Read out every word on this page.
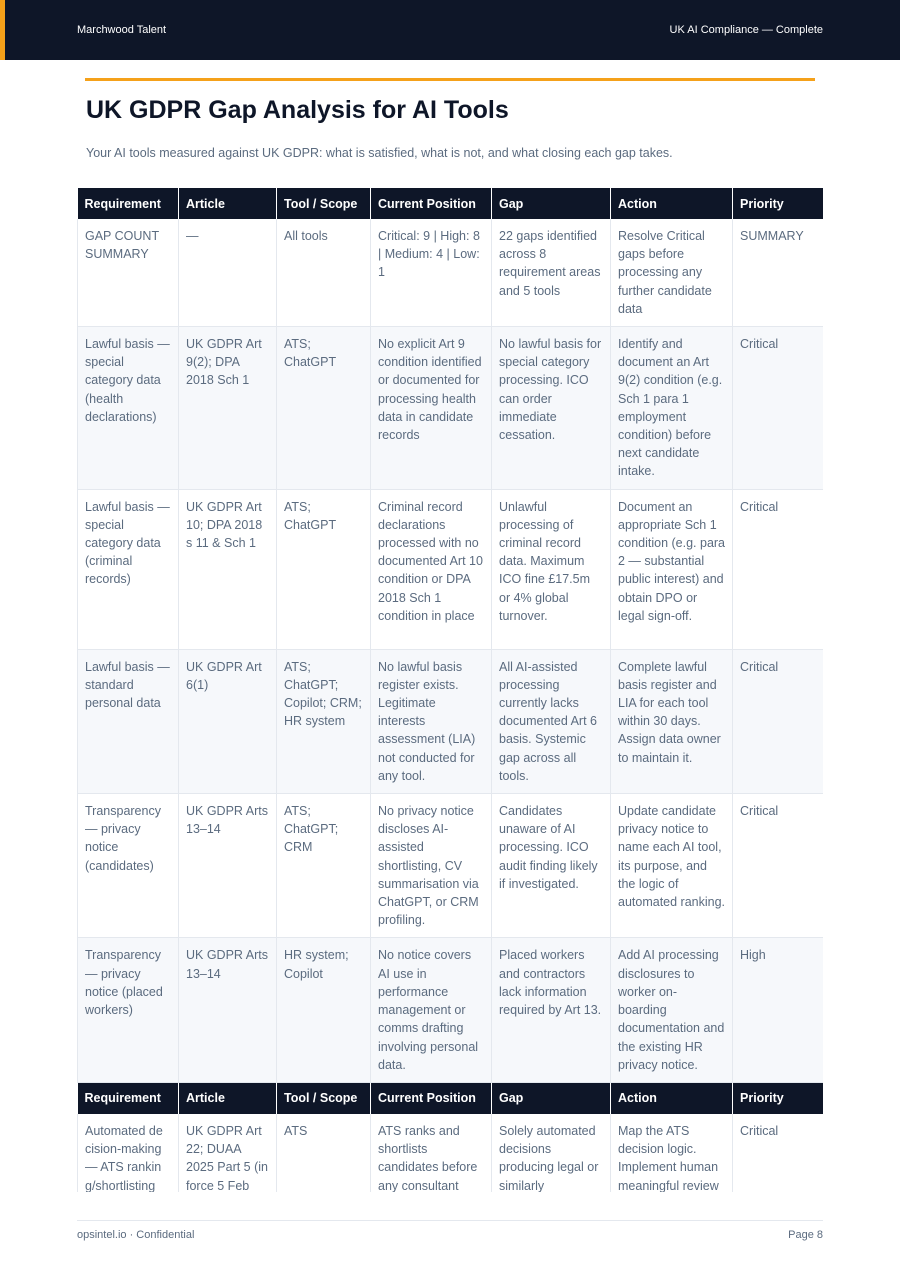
Marchwood Talent	UK AI Compliance — Complete
UK GDPR Gap Analysis for AI Tools
Your AI tools measured against UK GDPR: what is satisfied, what is not, and what closing each gap takes.
Requirement	Article	Tool / Scope	Current Position	Gap	Action	Priority
GAP COUNT SUMMARY	—	All tools	Critical: 9 | High: 8 | Medium: 4 | Low: 1	22 gaps identified across 8 requirement areas and 5 tools	Resolve Critical gaps before processing any further candidate data	SUMMARY
Lawful basis — special category data (health declarations)	UK GDPR Art 9(2); DPA 2018 Sch 1	ATS; ChatGPT	No explicit Art 9 condition identified or documented for processing health data in candidate records	No lawful basis for special category processing. ICO can order immediate cessation.	Identify and document an Art 9(2) condition (e.g. Sch 1 para 1 employment condition) before next candidate intake.	Critical
Lawful basis — special category data (criminal records)	UK GDPR Art 10; DPA 2018 s 11 & Sch 1	ATS; ChatGPT	Criminal record declarations processed with no documented Art 10 condition or DPA 2018 Sch 1 condition in place	Unlawful processing of criminal record data. Maximum ICO fine £17.5m or 4% global turnover.	Document an appropriate Sch 1 condition (e.g. para 2 — substantial public interest) and obtain DPO or legal sign-off.	Critical
Lawful basis — standard personal data	UK GDPR Art 6(1)	ATS; ChatGPT; Copilot; CRM; HR system	No lawful basis register exists. Legitimate interests assessment (LIA) not conducted for any tool.	All AI-assisted processing currently lacks documented Art 6 basis. Systemic gap across all tools.	Complete lawful basis register and LIA for each tool within 30 days. Assign data owner to maintain it.	Critical
Transparency — privacy notice (candidates)	UK GDPR Arts 13–14	ATS; ChatGPT; CRM	No privacy notice discloses AI-assisted shortlisting, CV summarisation via ChatGPT, or CRM profiling.	Candidates unaware of AI processing. ICO audit finding likely if investigated.	Update candidate privacy notice to name each AI tool, its purpose, and the logic of automated ranking.	Critical
Transparency — privacy notice (placed workers)	UK GDPR Arts 13–14	HR system; Copilot	No notice covers AI use in performance management or comms drafting involving personal data.	Placed workers and contractors lack information required by Art 13.	Add AI processing disclosures to worker on-boarding documentation and the existing HR privacy notice.	High
Requirement	Article	Tool / Scope	Current Position	Gap	Action	Priority
Automated de cision-making — ATS rankin g/shortlisting	UK GDPR Art 22; DUAA 2025 Part 5 (in force 5 Feb	ATS	ATS ranks and shortlists candidates before any consultant	Solely automated decisions producing legal or similarly	Map the ATS decision logic. Implement human meaningful review	Critical
opsintel.io · Confidential	Page 8
